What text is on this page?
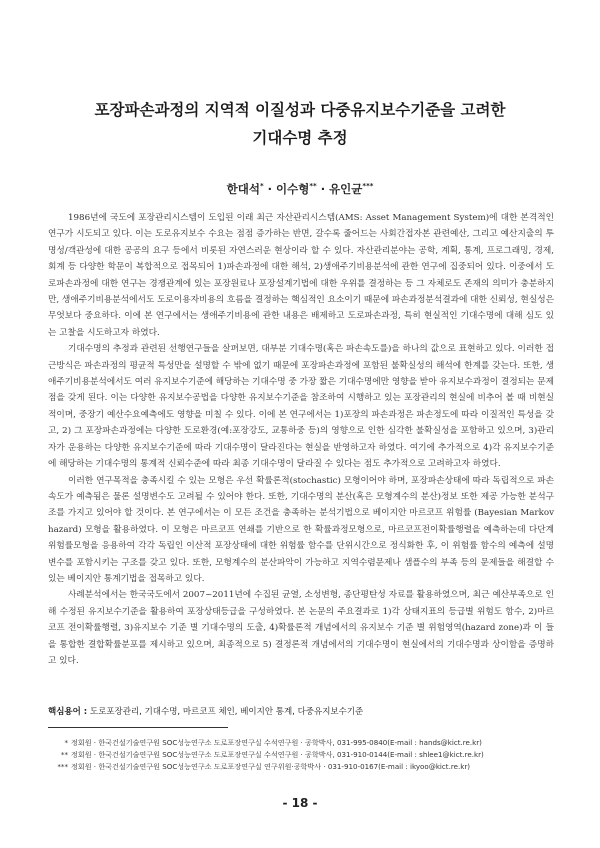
포장파손과정의 지역적 이질성과 다중유지보수기준을 고려한
기대수명 추정
한대석* · 이수형** · 유인균***

1986년에 국도에 포장관리시스템이 도입된 이래 최근 자산관리시스템(AMS: Asset Management System)에 대한 본격적인 연구가 시도되고 있다. 이는 도로유지보수 수요는 점점 증가하는 반면, 갈수록 줄어드는 사회간접자본 관련예산, 그리고 예산지출의 투명성/객관성에 대한 공공의 요구 등에서 비롯된 자연스러운 현상이라 할 수 있다. 자산관리분야는 공학, 계획, 통계, 프로그래밍, 경제, 회계 등 다양한 학문이 복합적으로 접목되어 1)파손과정에 대한 해석, 2)생애주기비용분석에 관한 연구에 집중되어 있다. 이중에서 도로파손과정에 대한 연구는 경쟁관계에 있는 포장원료나 포장설계기법에 대한 우위를 결정하는 등 그 자체로도 존재의 의미가 충분하지만, 생애주기비용분석에서도 도로이용자비용의 흐름을 결정하는 핵심적인 요소이기 때문에 파손과정분석결과에 대한 신뢰성, 현실성은 무엇보다 중요하다. 이에 본 연구에서는 생애주기비용에 관한 내용은 배제하고 도로파손과정, 특히 현실적인 기대수명에 대해 심도 있는 고찰을 시도하고자 하였다.

기대수명의 추정과 관련된 선행연구들을 살펴보면, 대부분 기대수명(혹은 파손속도를)을 하나의 값으로 표현하고 있다. 이러한 접근방식은 파손과정의 평균적 특성만을 설명할 수 밖에 없기 때문에 포장파손과정에 포함된 불확실성의 해석에 한계를 갖는다. 또한, 생애주기비용분석에서도 여러 유지보수기준에 해당하는 기대수명 중 가장 짧은 기대수명에만 영향을 받아 유지보수과정이 결정되는 문제점을 갖게 된다. 이는 다양한 유지보수공법을 다양한 유지보수기준을 참조하여 시행하고 있는 포장관리의 현실에 비추어 볼 때 비현실적이며, 중장기 예산수요예측에도 영향을 미칠 수 있다. 이에 본 연구에서는 1)포장의 파손과정은 파손정도에 따라 이질적인 특성을 갖고, 2) 그 포장파손과정에는 다양한 도로환경(예:포장강도, 교통하중 등)의 영향으로 인한 심각한 불확실성을 포함하고 있으며, 3)관리자가 운용하는 다양한 유지보수기준에 따라 기대수명이 달라진다는 현실을 반영하고자 하였다. 여기에 추가적으로 4)각 유지보수기준에 해당하는 기대수명의 통계적 신뢰수준에 따라 최종 기대수명이 달라질 수 있다는 점도 추가적으로 고려하고자 하였다.

이러한 연구목적을 충족시킬 수 있는 모형은 우선 확률론적(stochastic) 모형이어야 하며, 포장파손상태에 따라 독립적으로 파손속도가 예측됨은 물론 설명변수도 고려될 수 있어야 한다. 또한, 기대수명의 분산(혹은 모형계수의 분산)정보 또한 제공 가능한 분석구조를 가지고 있어야 할 것이다. 본 연구에서는 이 모든 조건을 충족하는 분석기법으로 베이지안 마르코프 위험률 (Bayesian Markov hazard) 모형을 활용하였다. 이 모형은 마르코프 연쇄를 기반으로 한 확률과정모형으로, 마르코프전이확률행렬을 예측하는데 다단계위험률모형을 응용하여 각각 독립인 이산적 포장상태에 대한 위험률 함수를 단위시간으로 정식화한 후, 이 위험률 함수의 예측에 설명변수를 포함시키는 구조를 갖고 있다. 또한, 모형계수의 분산파악이 가능하고 지역수렴문제나 샘플수의 부족 등의 문제들을 해결할 수 있는 베이지안 통계기법을 접목하고 있다.

사례분석에서는 한국국도에서 2007~2011년에 수집된 균열, 소성변형, 종단평탄성 자료를 활용하였으며, 최근 예산부족으로 인해 수정된 유지보수기준을 활용하여 포장상태등급을 구성하였다. 본 논문의 주요결과로 1)각 상태지표의 등급별 위험도 함수, 2)마르코프 전이확률행렬, 3)유지보수 기준 별 기대수명의 도출, 4)확률론적 개념에서의 유지보수 기준 별 위험영역(hazard zone)과 이 들을 통합한 결합확률분포를 제시하고 있으며, 최종적으로 5) 결정론적 개념에서의 기대수명이 현실에서의 기대수명과 상이함을 증명하고 있다.

핵심용어 : 도로포장관리, 기대수명, 마르코프 체인, 베이지안 통계, 다중유지보수기준
* 정회원 · 한국건설기술연구원 SOC성능연구소 도로포장연구실 수석연구원 · 공학박사, 031-995-0840(E-mail : hands@kict.re.kr)
** 정회원 · 한국건설기술연구원 SOC성능연구소 도로포장연구실 수석연구원 · 공학박사, 031-910-0144(E-mail : shlee1@kict.re.kr)
*** 정회원 · 한국건설기술연구원 SOC성능연구소 도로포장연구실 연구위원·공학박사 · 031-910-0167(E-mail : ikyoo@kict.re.kr)
- 18 -
